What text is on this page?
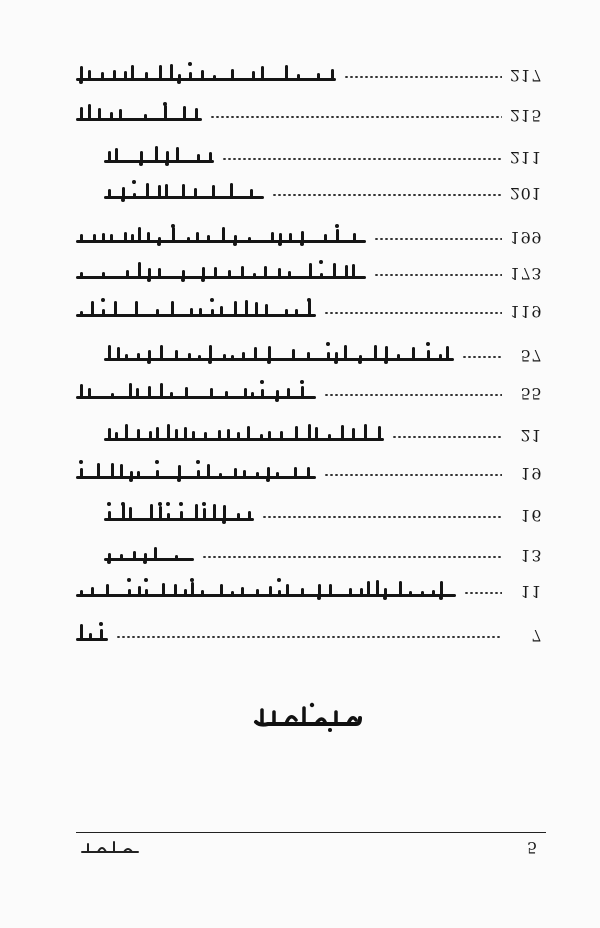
217
215
211
201
199
173
119
57
55
21
19
16
13
11
7
5
